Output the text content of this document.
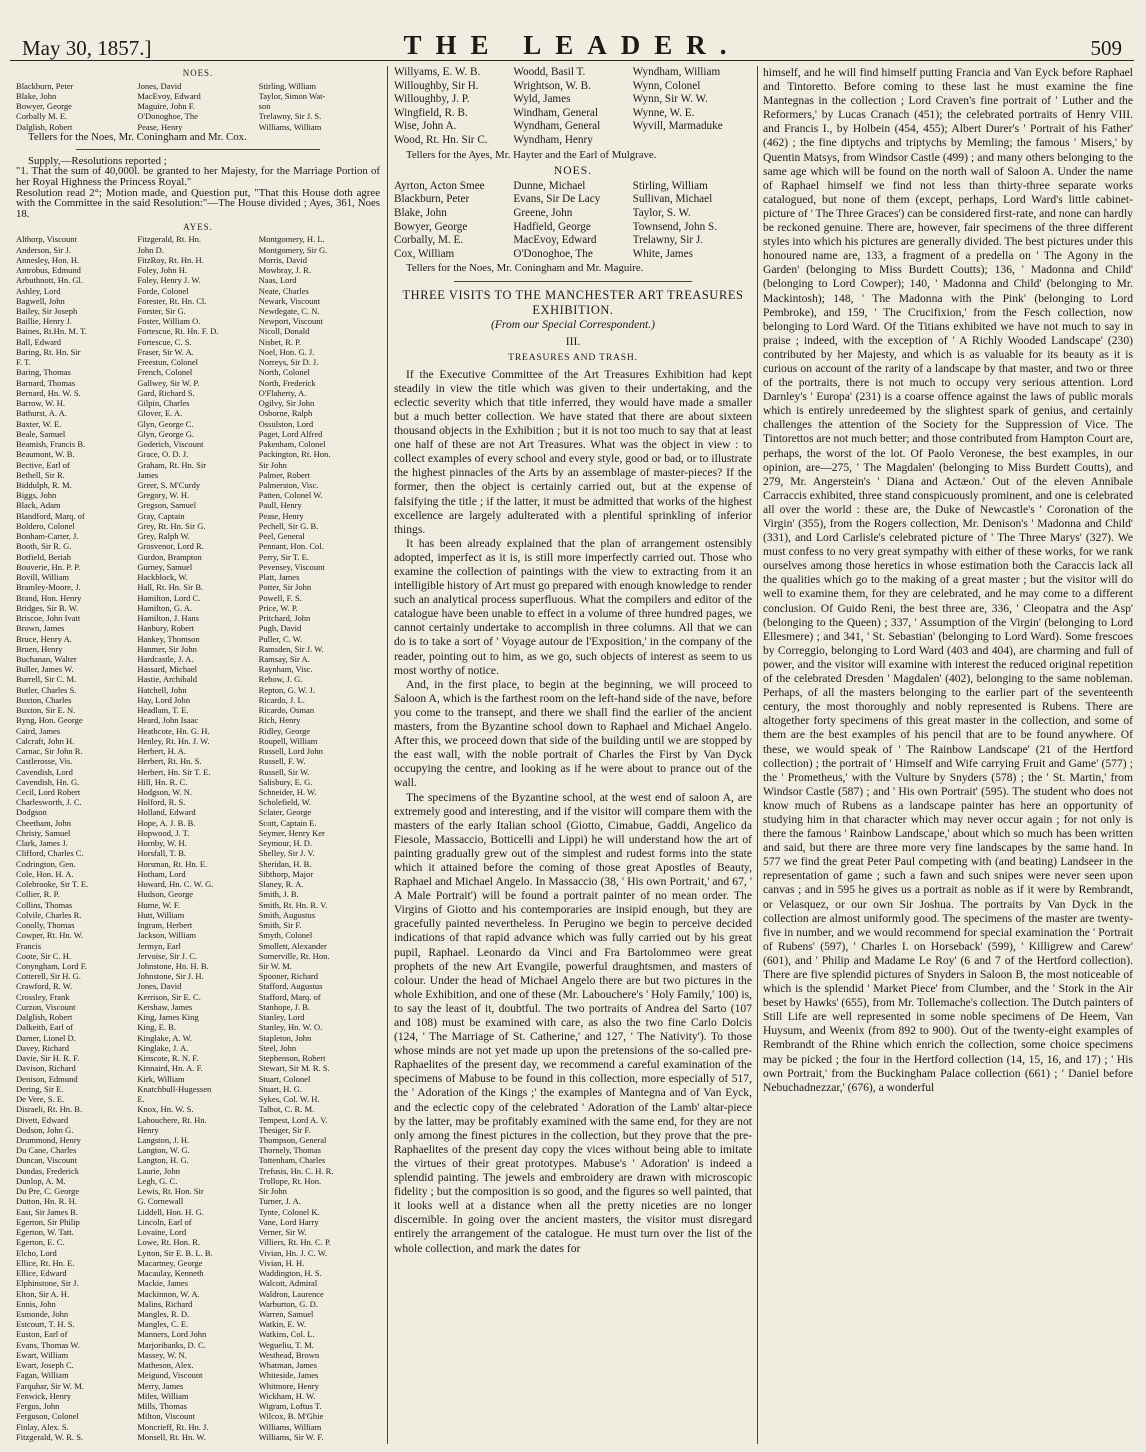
May 30, 1857.]	THE LEADER.	509
NOES.
Blackburn, Peter	Jones, David	Stirling, William
Blake, John	MacEvoy, Edward	Taylor, Simon Wat-
Bowyer, George	Maguire, John F.	son
Corbally M. E.	O'Donoghoe, The	Trelawny, Sir J. S.
Dalglish, Robert	Pease, Henry	Williams, William
Tellers for the Noes, Mr. Coningham and Mr. Cox.
Supply,—Resolutions reported ;
"1. That the sum of 40,000l. be granted to her Majesty, for the Marriage Portion of her Royal Highness the Princess Royal."
Resolution read 2°; Motion made, and Question put, "That this House doth agree with the Committee in the said Resolution:"—The House divided ; Ayes, 361, Noes 18.
AYES.
Althorp, Viscount	Fitzgerald, Rt. Hn.	Montgomery, H. L.
Anderson, Sir J.	John D.	Montgomery, Sir G.
Annesley, Hon. H.	FitzRoy, Rt. Hn. H.	Morris, David
Antrobus, Edmund	Foley, John H.	Mowbray, J. R.
Arbuthnott, Hn. Gl.	Foley, Henry J. W.	Naas, Lord
Ashley, Lord	Forde, Colonel	Neate, Charles
Bagwell, John	Forester, Rt. Hn. Cl.	Newark, Viscount
Bailey, Sir Joseph	Forster, Sir G.	Newdegate, C. N.
Baillie, Henry J.	Foster, William O.	Newport, Viscount
Baines, Rt.Hn. M. T.	Fortescue, Rt. Hn. F. D.	Nicoll, Donald
Ball, Edward	Fortescue, C. S.	Nisbet, R. P.
Baring, Rt. Hn. Sir	Fraser, Sir W. A.	Noel, Hon. G. J.
F. T.	Freestun, Colonel	Norreys, Sir D. J.
Baring, Thomas	French, Colonel	North, Colonel
Barnard, Thomas	Gallwey, Sir W. P.	North, Frederick
Bernard, Hn. W. S.	Gard, Richard S.	O'Flaherty, A.
Barrow, W. H.	Gilpin, Charles	Ogilvy, Sir John
Bathurst, A. A.	Glover, E. A.	Osborne, Ralph
Baxter, W. E.	Glyn, George C.	Ossulston, Lord
Beale, Samuel	Glyn, George G.	Paget, Lord Alfred
Beamish, Francis B.	Goderich, Viscount	Pakenham, Colonel
Beaumont, W. B.	Grace, O. D. J.	Packington, Rt. Hon.
Bective, Earl of	Graham, Rt. Hn. Sir	Sir John
Bethell, Sir R.	James	Palmer, Robert
Biddulph, R. M.	Greer, S. M'Curdy	Palmerston, Visc.
Biggs, John	Gregory, W. H.	Patten, Colonel W.
Black, Adam	Gregson, Samuel	Paull, Henry
Blandford, Marq. of	Gray, Captain	Pease, Henry
Boldero, Colonel	Grey, Rt. Hn. Sir G.	Pechell, Sir G. B.
Bonham-Carter, J.	Grey, Ralph W.	Peel, General
Booth, Sir R. G.	Grosvenor, Lord R.	Pennant, Hon. Col.
Botfield, Beriah	Gurdon, Brampton	Perry, Sir T. E.
Bouverie, Hn. P. P.	Gurney, Samuel	Pevensey, Viscount
Bovill, William	Hackblock, W.	Platt, James
Bramley-Moore, J.	Hall, Rt. Hn. Sir B.	Potter, Sir John
Brand, Hon. Henry	Hamilton, Lord C.	Powell, F. S.
Bridges, Sir B. W.	Hamilton, G. A.	Price, W. P.
Briscoe, John Ivatt	Hamilton, J. Hans	Pritchard, John
Brown, James	Hanbury, Robert	Pugh, David
Bruce, Henry A.	Hankey, Thomson	Puller, C. W.
Bruen, Henry	Hanmer, Sir John	Ramsden, Sir J. W.
Buchanan, Walter	Hardcastle, J. A.	Ramsay, Sir A.
Buller, James W.	Hassard, Michael	Raynham, Visc.
Burrell, Sir C. M.	Hastie, Archibald	Rebow, J. G.
Butler, Charles S.	Hatchell, John	Repton, G. W. J.
Buxton, Charles	Hay, Lord John	Ricardo, J. L.
Buxton, Sir E. N.	Headlam, T. E.	Ricardo, Osman
Byng, Hon. George	Heard, John Isaac	Rich, Henry
Caird, James	Heathcote, Hn. G. H.	Ridley, George
Calcraft, John H.	Henley, Rt. Hn. J. W.	Roupell, William
Carnac, Sir John R.	Herbert, H. A.	Russell, Lord John
Castlerosse, Vis.	Herbert, Rt. Hn. S.	Russell, F. W.
Cavendish, Lord	Herbert, Hn. Sir T. E.	Russell, Sir W.
Cavendish, Hn. G.	Hill, Hn. R. C.	Salisbury, E. G.
Cecil, Lord Robert	Hodgson, W. N.	Schneider, H. W.
Charlesworth, J. C.	Holford, R. S.	Scholefield, W.
Dodgson	Holland, Edward	Sclater, George
Cheetham, John	Hope, A. J. B. B.	Scott, Captain E.
Christy, Samuel	Hopwood, J. T.	Seymer, Henry Ker
Clark, James J.	Hornby, W. H.	Seymour, H. D.
Clifford, Charles C.	Horsfall, T. B.	Shelley, Sir J. V.
Codrington, Gen.	Horsman, Rt. Hn. E.	Sheridan, H. B.
Cole, Hon. H. A.	Hotham, Lord	Sibthorp, Major
Colebrooke, Sir T. E.	Howard, Hn. C. W. G.	Slaney, R. A.
Collier, R. P.	Hudson, George	Smith, J. B.
Collins, Thomas	Hume, W. F.	Smith, Rt. Hn. R. V.
Colvile, Charles R.	Hutt, William	Smith, Augustus
Conolly, Thomas	Ingram, Herbert	Smith, Sir F.
Cowper, Rt. Hn. W.	Jackson, William	Smyth, Colonel
Francis	Jermyn, Earl	Smollett, Alexander
Coote, Sir C. H.	Jervoise, Sir J. C.	Somerville, Rt. Hon.
Conyngham, Lord F.	Johnstone, Hn. H. B.	Sir W. M.
Cotterell, Sir H. G.	Johnstone, Sir J. H.	Spooner, Richard
Crawford, R. W.	Jones, David	Stafford, Augustus
Crossley, Frank	Kerrison, Sir E. C.	Stafford, Marq. of
Curzon, Viscount	Kershaw, James	Stanhope, J. B.
Dalglish, Robert	King, James King	Stanley, Lord
Dalkeith, Earl of	King, E. B.	Stanley, Hn. W. O.
Damer, Lionel D.	Kinglake, A. W.	Stapleton, John
Davey, Richard	Kinglake, J. A.	Steel, John
Davie, Sir H. R. F.	Kinscote, R. N. F.	Stephenson, Robert
Davison, Richard	Kinnaird, Hn. A. F.	Stewart, Sir M. R. S.
Denison, Edmund	Kirk, William	Stuart, Colonel
Dering, Sir E.	Knatchbull-Hugessen	Stuart, H. G.
De Vere, S. E.	E.	Sykes, Col. W. H.
Disraeli, Rt. Hn. B.	Knox, Hn. W. S.	Talbot, C. R. M.
Divett, Edward	Labouchere, Rt. Hn.	Tempest, Lord A. V.
Dodson, John G.	Henry	Thesiger, Sir F.
Drummond, Henry	Langston, J. H.	Thompson, General
Du Cane, Charles	Langton, W. G.	Thornely, Thomas
Duncan, Viscount	Langton, H. G.	Tottenham, Charles
Dundas, Frederick	Laurie, John	Trefusis, Hn. C. H. R.
Dunlop, A. M.	Legh, G. C.	Trollope, Rt. Hon.
Du Pre, C. George	Lewis, Rt. Hon. Sir	Sir John
Dutton, Hn. R. H.	G. Cornewall	Turner, J. A.
East, Sir James B.	Liddell, Hon. H. G.	Tynte, Colonel K.
Egerton, Sir Philip	Lincoln, Earl of	Vane, Lord Harry
Egerton, W. Tatt.	Lovaine, Lord	Verner, Sir W.
Egerton, E. C.	Lowe, Rt. Hon. R.	Villiers, Rt. Hn. C. P.
Elcho, Lord	Lytton, Sir E. B. L. B.	Vivian, Hn. J. C. W.
Ellice, Rt. Hn. E.	Macartney, George	Vivian, H. H.
Ellice, Edward	Macaulay, Kenneth	Waddington, H. S.
Elphinstone, Sir J.	Mackie, James	Walcott, Admiral
Elton, Sir A. H.	Mackinnon, W. A.	Waldron, Laurence
Ennis, John	Malins, Richard	Warburton, G. D.
Esmonde, John	Mangles, R. D.	Warren, Samuel
Estcourt, T. H. S.	Mangles, C. E.	Watkin, E. W.
Euston, Earl of	Manners, Lord John	Watkins, Col. L.
Evans, Thomas W.	Marjoribanks, D. C.	Wegueliu, T. M.
Ewart, William	Massey, W. N.	Westhead, Brown
Ewart, Joseph C.	Matheson, Alex.	Whatman, James
Fagan, William	Meigund, Viscount	Whiteside, James
Farquhar, Sir W. M.	Merry, James	Whitmore, Henry
Fenwick, Henry	Miles, William	Wickham, H. W.
Fergus, John	Mills, Thomas	Wigram, Loftus T.
Ferguson, Colonel	Milton, Viscount	Wilcox, B. M'Ghie
Finlay, Alex. S.	Moncrieff, Rt. Hn. J.	Williams, William
Fitzgerald, W. R. S.	Monsell, Rt. Hn. W.	Williams, Sir W. F.
Willyams, E. W. B.	Woodd, Basil T.	Wyndham, William
Willoughby, Sir H.	Wrightson, W. B.	Wynn, Colonel
Willoughby, J. P.	Wyld, James	Wynn, Sir W. W.
Wingfield, R. B.	Windham, General	Wynne, W. E.
Wise, John A.	Wyndham, General	Wyvill, Marmaduke
Wood, Rt. Hn. Sir C.	Wyndham, Henry	
Tellers for the Ayes, Mr. Hayter and the Earl of Mulgrave.
NOES.
Ayrton, Acton Smee	Dunne, Michael	Stirling, William
Blackburn, Peter	Evans, Sir De Lacy	Sullivan, Michael
Blake, John	Greene, John	Taylor, S. W.
Bowyer, George	Hadfield, George	Townsend, John S.
Corbally, M. E.	MacEvoy, Edward	Trelawny, Sir J.
Cox, William	O'Donoghoe, The	White, James
Tellers for the Noes, Mr. Coningham and Mr. Maguire.
THREE VISITS TO THE MANCHESTER ART TREASURES EXHIBITION.
(From our Special Correspondent.)
III.
TREASURES AND TRASH.

If the Executive Committee of the Art Treasures Exhibition had kept steadily in view the title which was given to their undertaking, and the eclectic severity which that title inferred, they would have made a smaller but a much better collection. We have stated that there are about sixteen thousand objects in the Exhibition ; but it is not too much to say that at least one half of these are not Art Treasures. What was the object in view : to collect examples of every school and every style, good or bad, or to illustrate the highest pinnacles of the Arts by an assemblage of master-pieces? If the former, then the object is certainly carried out, but at the expense of falsifying the title ; if the latter, it must be admitted that works of the highest excellence are largely adulterated with a plentiful sprinkling of inferior things.

It has been already explained that the plan of arrangement ostensibly adopted, imperfect as it is, is still more imperfectly carried out. Those who examine the collection of paintings with the view to extracting from it an intelligible history of Art must go prepared with enough knowledge to render such an analytical process superfluous. What the compilers and editor of the catalogue have been unable to effect in a volume of three hundred pages, we cannot certainly undertake to accomplish in three columns. All that we can do is to take a sort of ' Voyage autour de l'Exposition,' in the company of the reader, pointing out to him, as we go, such objects of interest as seem to us most worthy of notice.

And, in the first place, to begin at the beginning, we will proceed to Saloon A, which is the farthest room on the left-hand side of the nave, before you come to the transept, and there we shall find the earlier of the ancient masters, from the Byzantine school down to Raphael and Michael Angelo. After this, we proceed down that side of the building until we are stopped by the east wall, with the noble portrait of Charles the First by Van Dyck occupying the centre, and looking as if he were about to prance out of the wall.

The specimens of the Byzantine school, at the west end of saloon A, are extremely good and interesting, and if the visitor will compare them with the masters of the early Italian school (Giotto, Cimabue, Gaddi, Angelico da Fiesole, Massaccio, Botticelli and Lippi) he will understand how the art of painting gradually grew out of the simplest and rudest forms into the state which it attained before the coming of those great Apostles of Beauty, Raphael and Michael Angelo. In Massaccio (38, ' His own Portrait,' and 67, ' A Male Portrait') will be found a portrait painter of no mean order. The Virgins of Giotto and his contemporaries are insipid enough, but they are gracefully painted nevertheless. In Perugino we begin to perceive decided indications of that rapid advance which was fully carried out by his great pupil, Raphael. Leonardo da Vinci and Fra Bartolommeo were great prophets of the new Art Evangile, powerful draughtsmen, and masters of colour. Under the head of Michael Angelo there are but two pictures in the whole Exhibition, and one of these (Mr. Labouchere's ' Holy Family,' 100) is, to say the least of it, doubtful. The two portraits of Andrea del Sarto (107 and 108) must be examined with care, as also the two fine Carlo Dolcis (124, ' The Marriage of St. Catherine,' and 127, ' The Nativity'). To those whose minds are not yet made up upon the pretensions of the so-called pre-Raphaelites of the present day, we recommend a careful examination of the specimens of Mabuse to be found in this collection, more especially of 517, the ' Adoration of the Kings ;' the examples of Mantegna and of Van Eyck, and the eclectic copy of the celebrated ' Adoration of the Lamb' altar-piece by the latter, may be profitably examined with the same end, for they are not only among the finest pictures in the collection, but they prove that the pre-Raphaelites of the present day copy the vices without being able to imitate the virtues of their great prototypes. Mabuse's ' Adoration' is indeed a splendid painting. The jewels and embroidery are drawn with microscopic fidelity ; but the composition is so good, and the figures so well painted, that it looks well at a distance when all the pretty niceties are no longer discernible. In going over the ancient masters, the visitor must disregard entirely the arrangement of the catalogue. He must turn over the list of the whole collection, and mark the dates for

himself, and he will find himself putting Francia and Van Eyck before Raphael and Tintoretto. Before coming to these last he must examine the fine Mantegnas in the collection ; Lord Craven's fine portrait of ' Luther and the Reformers,' by Lucas Cranach (451); the celebrated portraits of Henry VIII. and Francis I., by Holbein (454, 455); Albert Durer's ' Portrait of his Father' (462) ; the fine diptychs and triptychs by Memling; the famous ' Misers,' by Quentin Matsys, from Windsor Castle (499) ; and many others belonging to the same age which will be found on the north wall of Saloon A. Under the name of Raphael himself we find not less than thirty-three separate works catalogued, but none of them (except, perhaps, Lord Ward's little cabinet-picture of ' The Three Graces') can be considered first-rate, and none can hardly be reckoned genuine. There are, however, fair specimens of the three different styles into which his pictures are generally divided. The best pictures under this honoured name are, 133, a fragment of a predella on ' The Agony in the Garden' (belonging to Miss Burdett Coutts); 136, ' Madonna and Child' (belonging to Lord Cowper); 140, ' Madonna and Child' (belonging to Mr. Mackintosh); 148, ' The Madonna with the Pink' (belonging to Lord Pembroke), and 159, ' The Crucifixion,' from the Fesch collection, now belonging to Lord Ward. Of the Titians exhibited we have not much to say in praise ; indeed, with the exception of ' A Richly Wooded Landscape' (230) contributed by her Majesty, and which is as valuable for its beauty as it is curious on account of the rarity of a landscape by that master, and two or three of the portraits, there is not much to occupy very serious attention. Lord Darnley's ' Europa' (231) is a coarse offence against the laws of public morals which is entirely unredeemed by the slightest spark of genius, and certainly challenges the attention of the Society for the Suppression of Vice. The Tintorettos are not much better; and those contributed from Hampton Court are, perhaps, the worst of the lot. Of Paolo Veronese, the best examples, in our opinion, are—275, ' The Magdalen' (belonging to Miss Burdett Coutts), and 279, Mr. Angerstein's ' Diana and Actæon.' Out of the eleven Annibale Carraccis exhibited, three stand conspicuously prominent, and one is celebrated all over the world : these are, the Duke of Newcastle's ' Coronation of the Virgin' (355), from the Rogers collection, Mr. Denison's ' Madonna and Child' (331), and Lord Carlisle's celebrated picture of ' The Three Marys' (327). We must confess to no very great sympathy with either of these works, for we rank ourselves among those heretics in whose estimation both the Caraccis lack all the qualities which go to the making of a great master ; but the visitor will do well to examine them, for they are celebrated, and he may come to a different conclusion. Of Guido Reni, the best three are, 336, ' Cleopatra and the Asp' (belonging to the Queen) ; 337, ' Assumption of the Virgin' (belonging to Lord Ellesmere) ; and 341, ' St. Sebastian' (belonging to Lord Ward). Some frescoes by Correggio, belonging to Lord Ward (403 and 404), are charming and full of power, and the visitor will examine with interest the reduced original repetition of the celebrated Dresden ' Magdalen' (402), belonging to the same nobleman. Perhaps, of all the masters belonging to the earlier part of the seventeenth century, the most thoroughly and nobly represented is Rubens. There are altogether forty specimens of this great master in the collection, and some of them are the best examples of his pencil that are to be found anywhere. Of these, we would speak of ' The Rainbow Landscape' (21 of the Hertford collection) ; the portrait of ' Himself and Wife carrying Fruit and Game' (577) ; the ' Prometheus,' with the Vulture by Snyders (578) ; the ' St. Martin,' from Windsor Castle (587) ; and ' His own Portrait' (595). The student who does not know much of Rubens as a landscape painter has here an opportunity of studying him in that character which may never occur again ; for not only is there the famous ' Rainbow Landscape,' about which so much has been written and said, but there are three more very fine landscapes by the same hand. In 577 we find the great Peter Paul competing with (and beating) Landseer in the representation of game ; such a fawn and such snipes were never seen upon canvas ; and in 595 he gives us a portrait as noble as if it were by Rembrandt, or Velasquez, or our own Sir Joshua. The portraits by Van Dyck in the collection are almost uniformly good. The specimens of the master are twenty-five in number, and we would recommend for special examination the ' Portrait of Rubens' (597), ' Charles I. on Horseback' (599), ' Killigrew and Carew' (601), and ' Philip and Madame Le Roy' (6 and 7 of the Hertford collection). There are five splendid pictures of Snyders in Saloon B, the most noticeable of which is the splendid ' Market Piece' from Clumber, and the ' Stork in the Air beset by Hawks' (655), from Mr. Tollemache's collection. The Dutch painters of Still Life are well represented in some noble specimens of De Heem, Van Huysum, and Weenix (from 892 to 900). Out of the twenty-eight examples of Rembrandt of the Rhine which enrich the collection, some choice specimens may be picked ; the four in the Hertford collection (14, 15, 16, and 17) ; ' His own Portrait,' from the Buckingham Palace collection (661) ; ' Daniel before Nebuchadnezzar,' (676), a wonderful
